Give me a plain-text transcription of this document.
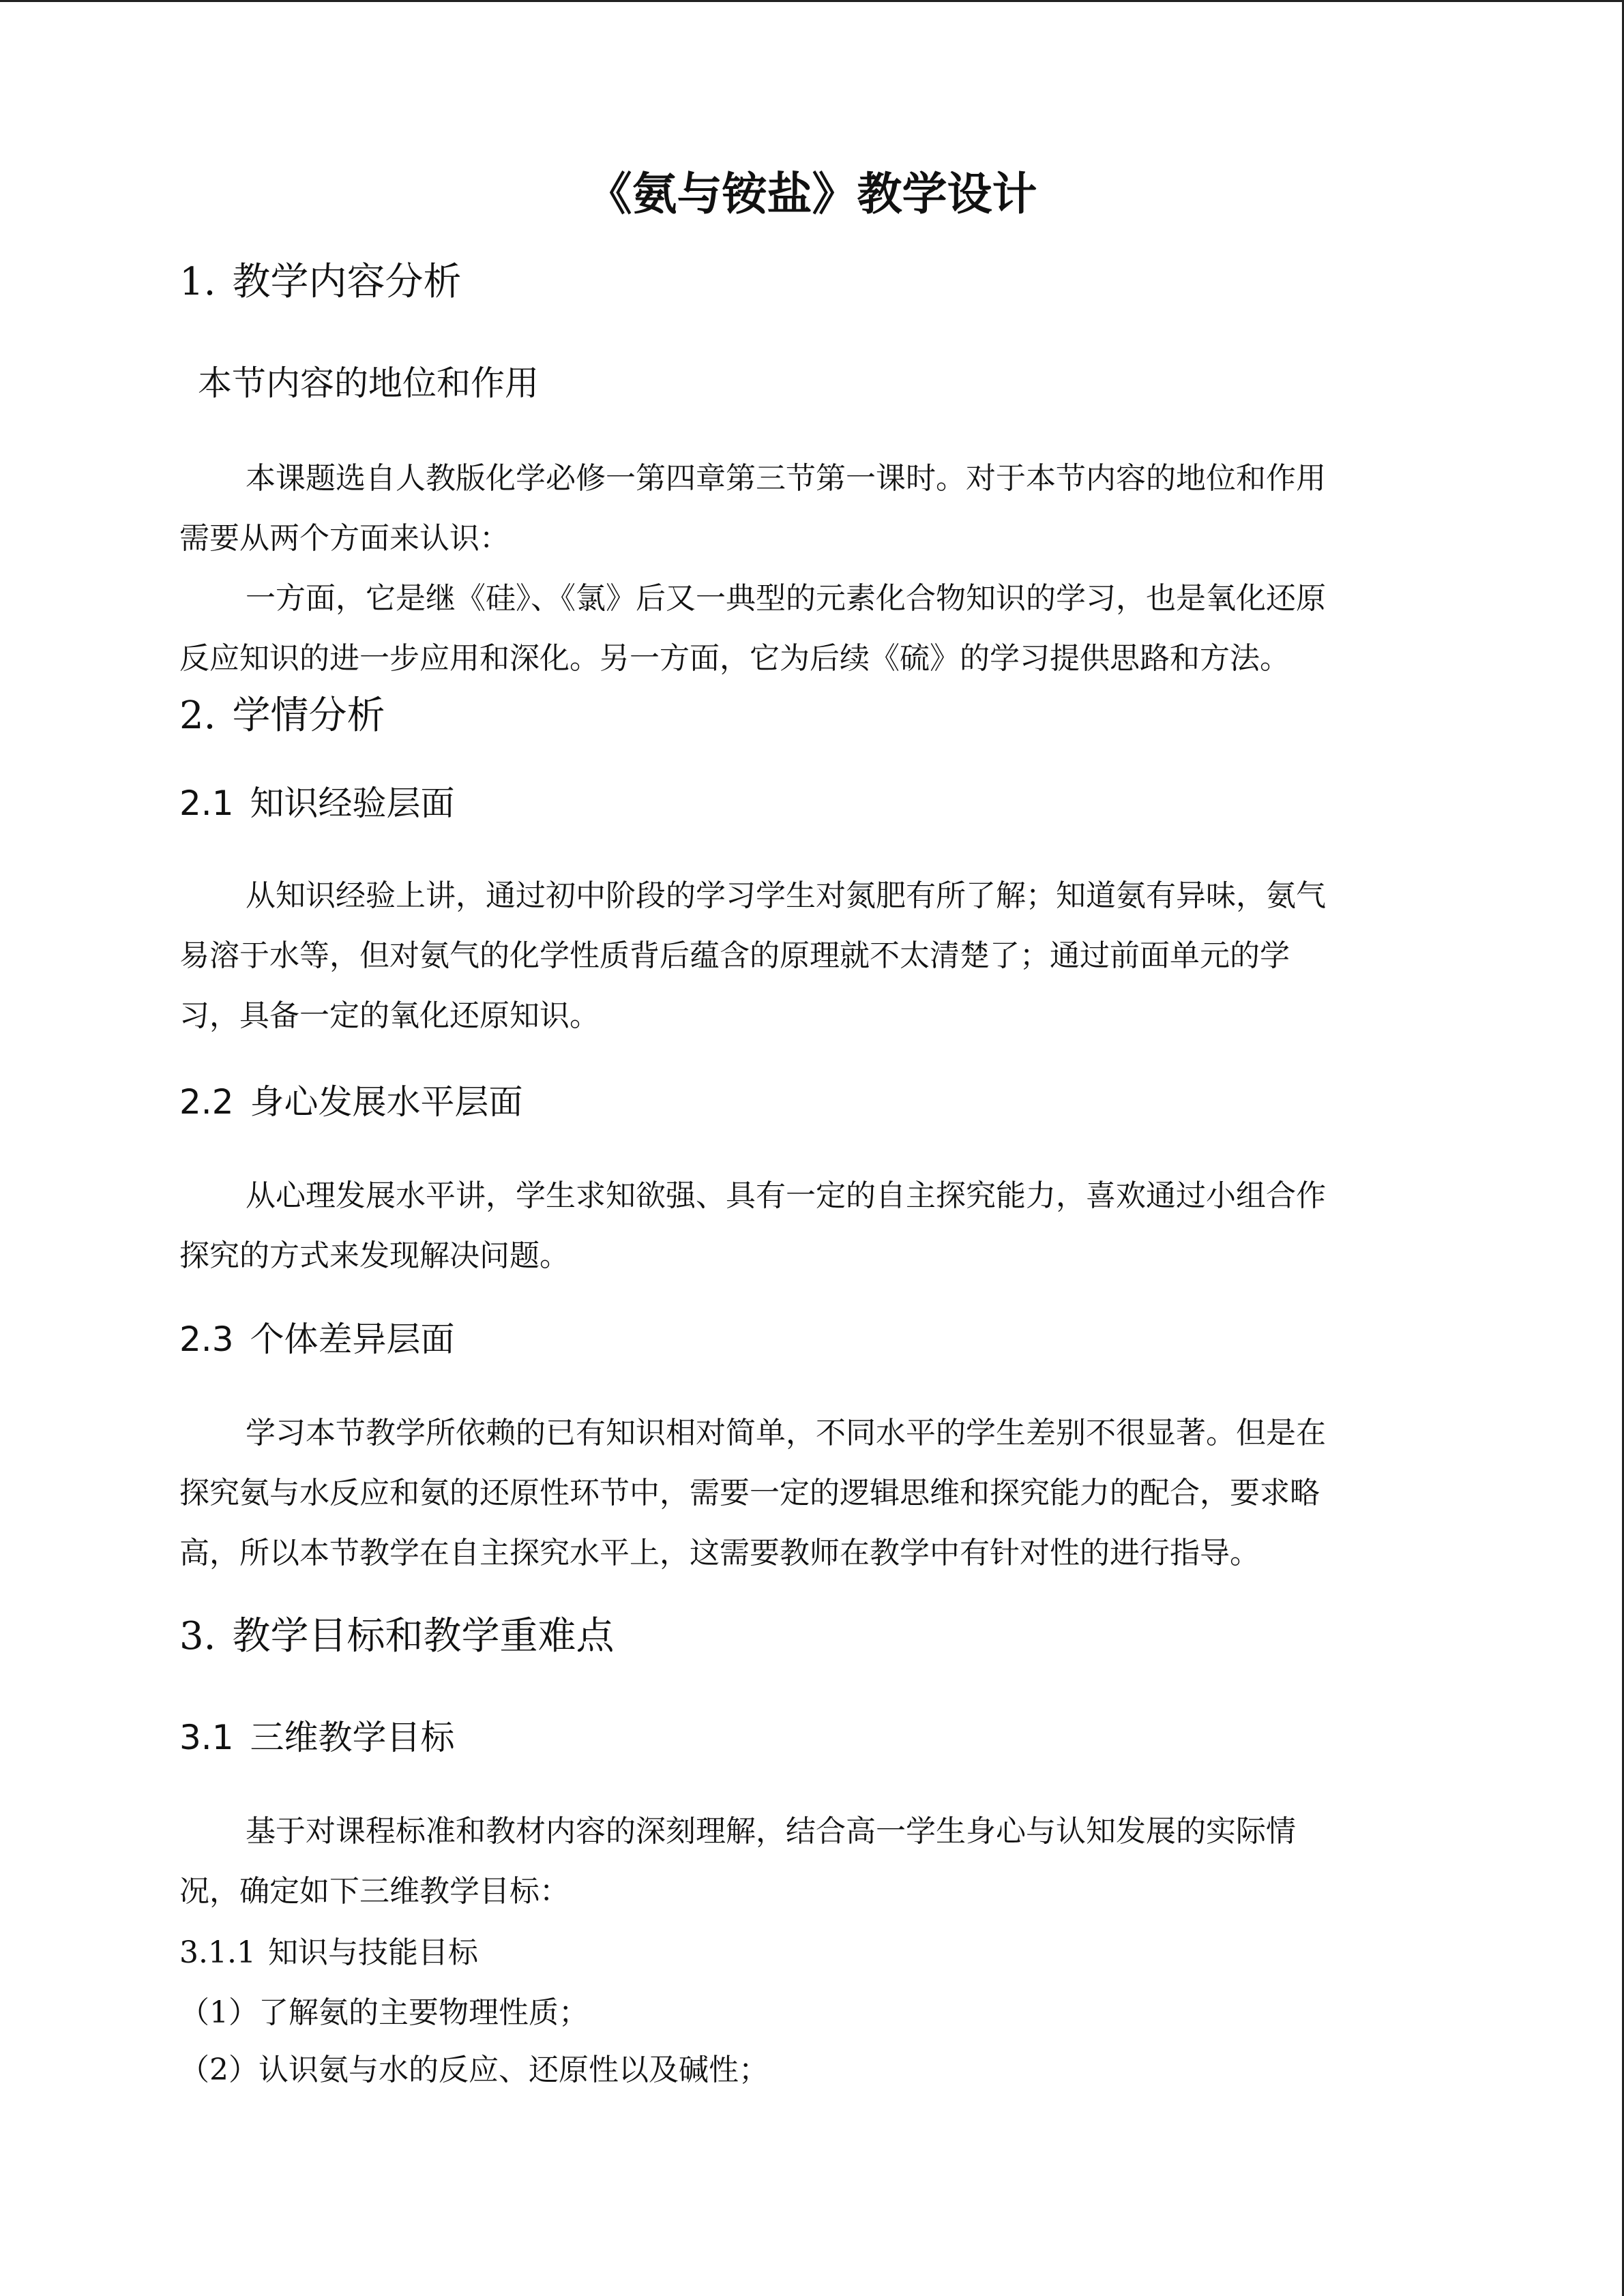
《氨与铵盐》教学设计
1. 教学内容分析
本节内容的地位和作用

本课题选自人教版化学必修一第四章第三节第一课时。对于本节内容的地位和作用

需要从两个方面来认识：

一方面，它是继《硅》、《氯》后又一典型的元素化合物知识的学习，也是氧化还原

反应知识的进一步应用和深化。另一方面，它为后续《硫》的学习提供思路和方法。

2. 学情分析
2.1 知识经验层面

从知识经验上讲，通过初中阶段的学习学生对氮肥有所了解；知道氨有异味，氨气

易溶于水等，但对氨气的化学性质背后蕴含的原理就不太清楚了；通过前面单元的学

习，具备一定的氧化还原知识。

2.2 身心发展水平层面

从心理发展水平讲，学生求知欲强、具有一定的自主探究能力，喜欢通过小组合作

探究的方式来发现解决问题。

2.3 个体差异层面

学习本节教学所依赖的已有知识相对简单，不同水平的学生差别不很显著。但是在

探究氨与水反应和氨的还原性环节中，需要一定的逻辑思维和探究能力的配合，要求略

高，所以本节教学在自主探究水平上，这需要教师在教学中有针对性的进行指导。

3. 教学目标和教学重难点
3.1 三维教学目标

基于对课程标准和教材内容的深刻理解，结合高一学生身心与认知发展的实际情

况，确定如下三维教学目标：

3.1.1 知识与技能目标

（1）了解氨的主要物理性质；

（2）认识氨与水的反应、还原性以及碱性；
